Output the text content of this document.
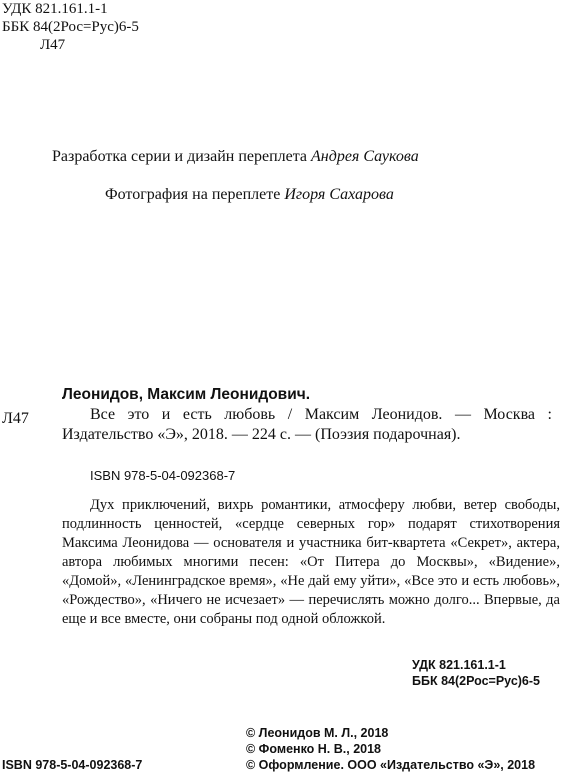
УДК 821.161.1-1
ББК 84(2Рос=Рус)6-5
Л47
Разработка серии и дизайн переплета Андрея Саукова
Фотография на переплете Игоря Сахарова
Л47
Леонидов, Максим Леонидович.

Все это и есть любовь / Максим Леонидов. — Москва : Издательство «Э», 2018. — 224 с. — (Поэзия подарочная).

ISBN 978-5-04-092368-7

Дух приключений, вихрь романтики, атмосферу любви, ветер свободы, подлинность ценностей, «сердце северных гор» подарят стихотворения Максима Леонидова — основателя и участника бит-квартета «Секрет», актера, автора любимых многими песен: «От Питера до Москвы», «Видение», «Домой», «Ленинградское время», «Не дай ему уйти», «Все это и есть любовь», «Рождество», «Ничего не исчезает» — перечислять можно долго... Впервые, да еще и все вместе, они собраны под одной обложкой.

УДК 821.161.1-1
ББК 84(2Рос=Рус)6-5
ISBN 978-5-04-092368-7
© Леонидов М. Л., 2018
© Фоменко Н. В., 2018
© Оформление. ООО «Издательство «Э», 2018
